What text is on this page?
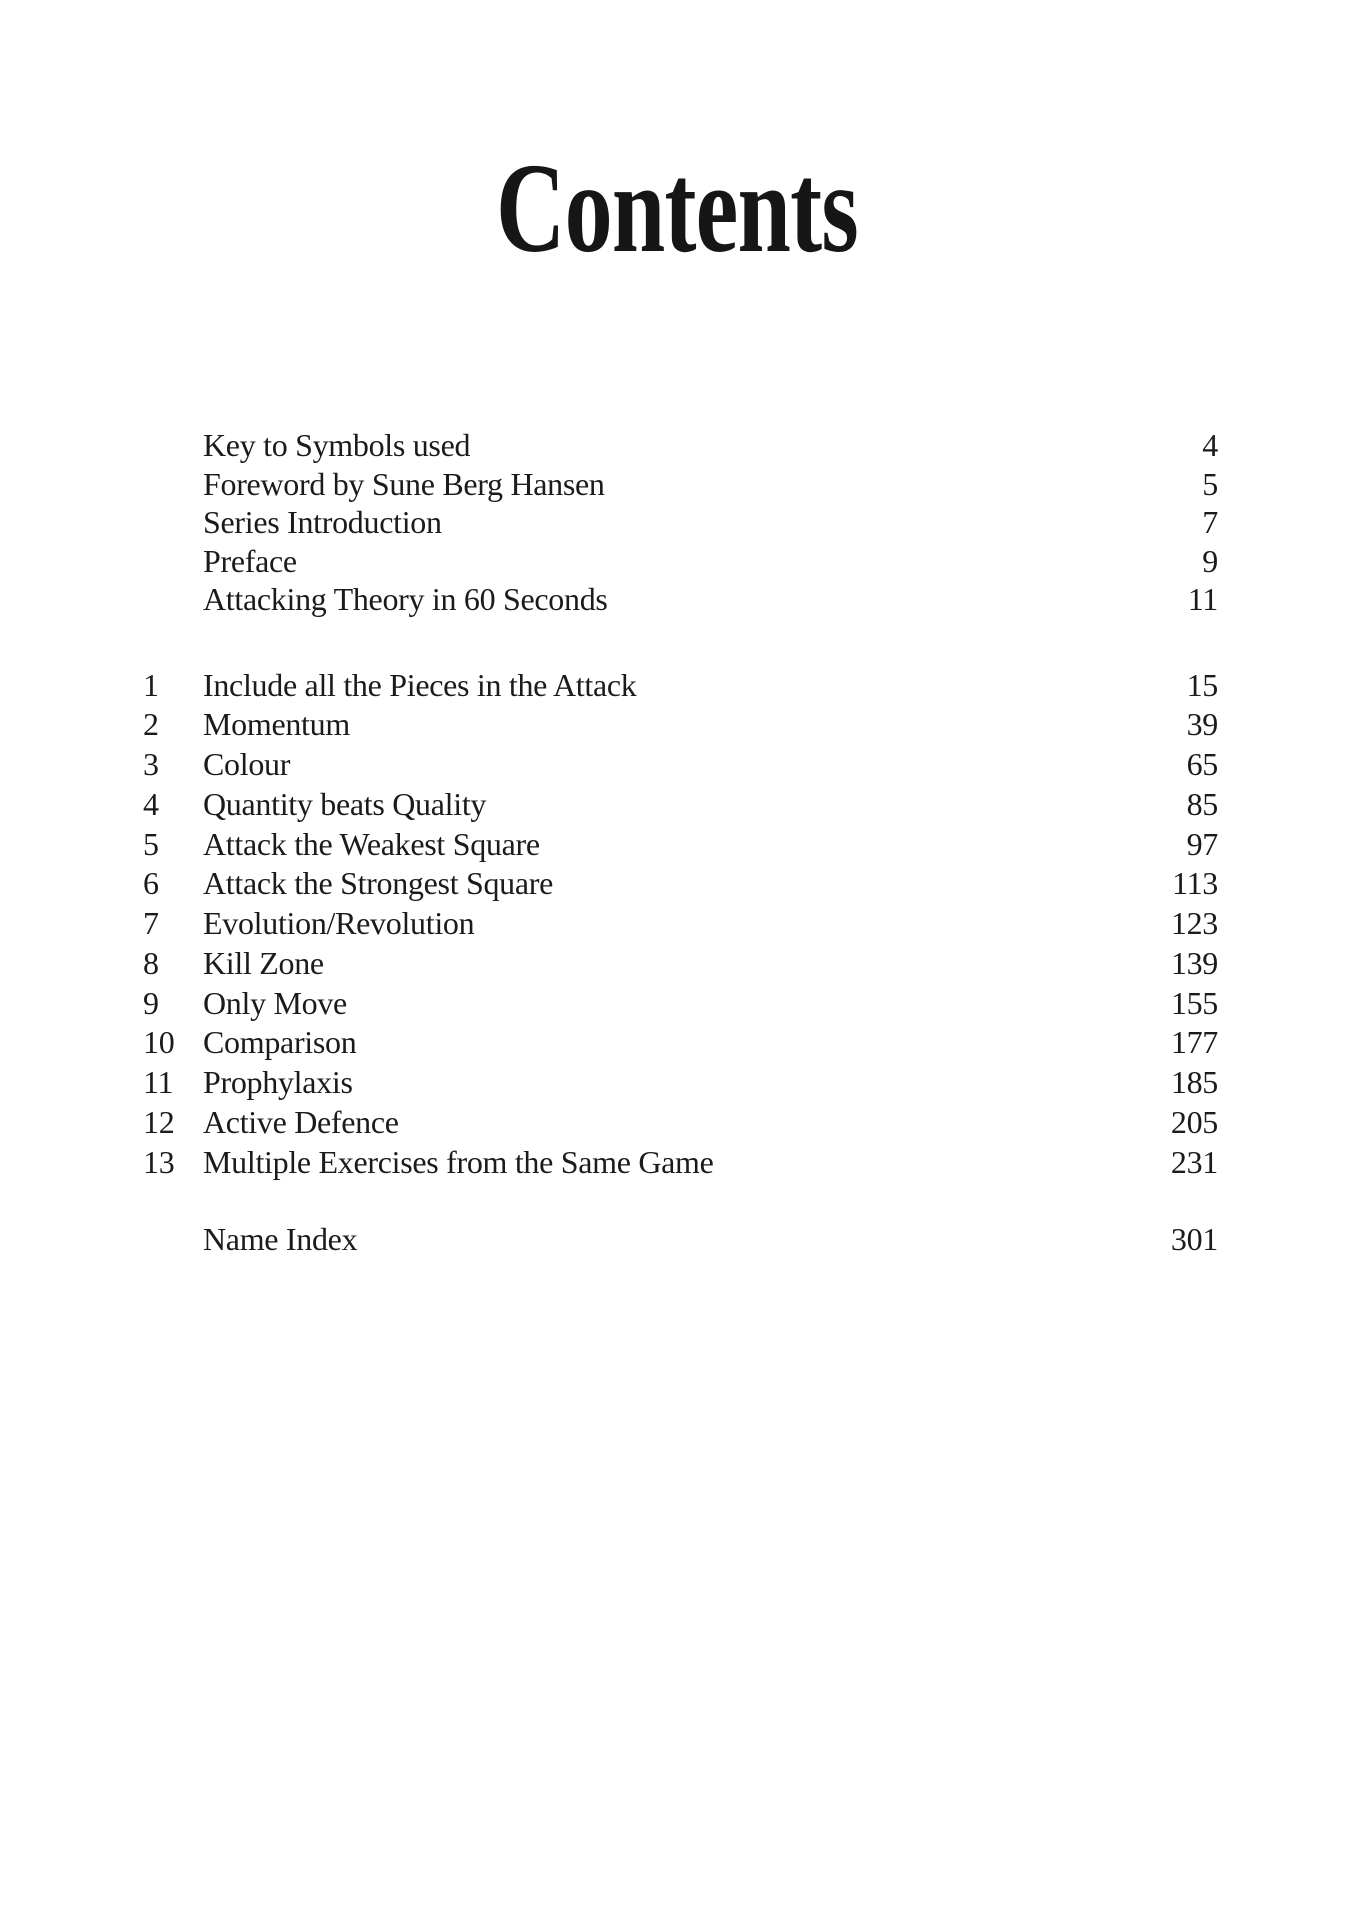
Contents
Key to Symbols used	4
Foreword by Sune Berg Hansen	5
Series Introduction	7
Preface	9
Attacking Theory in 60 Seconds	11
1	Include all the Pieces in the Attack	15
2	Momentum	39
3	Colour	65
4	Quantity beats Quality	85
5	Attack the Weakest Square	97
6	Attack the Strongest Square	113
7	Evolution/Revolution	123
8	Kill Zone	139
9	Only Move	155
10 Comparison	177
11 Prophylaxis	185
12 Active Defence	205
13 Multiple Exercises from the Same Game	231
Name Index	301
